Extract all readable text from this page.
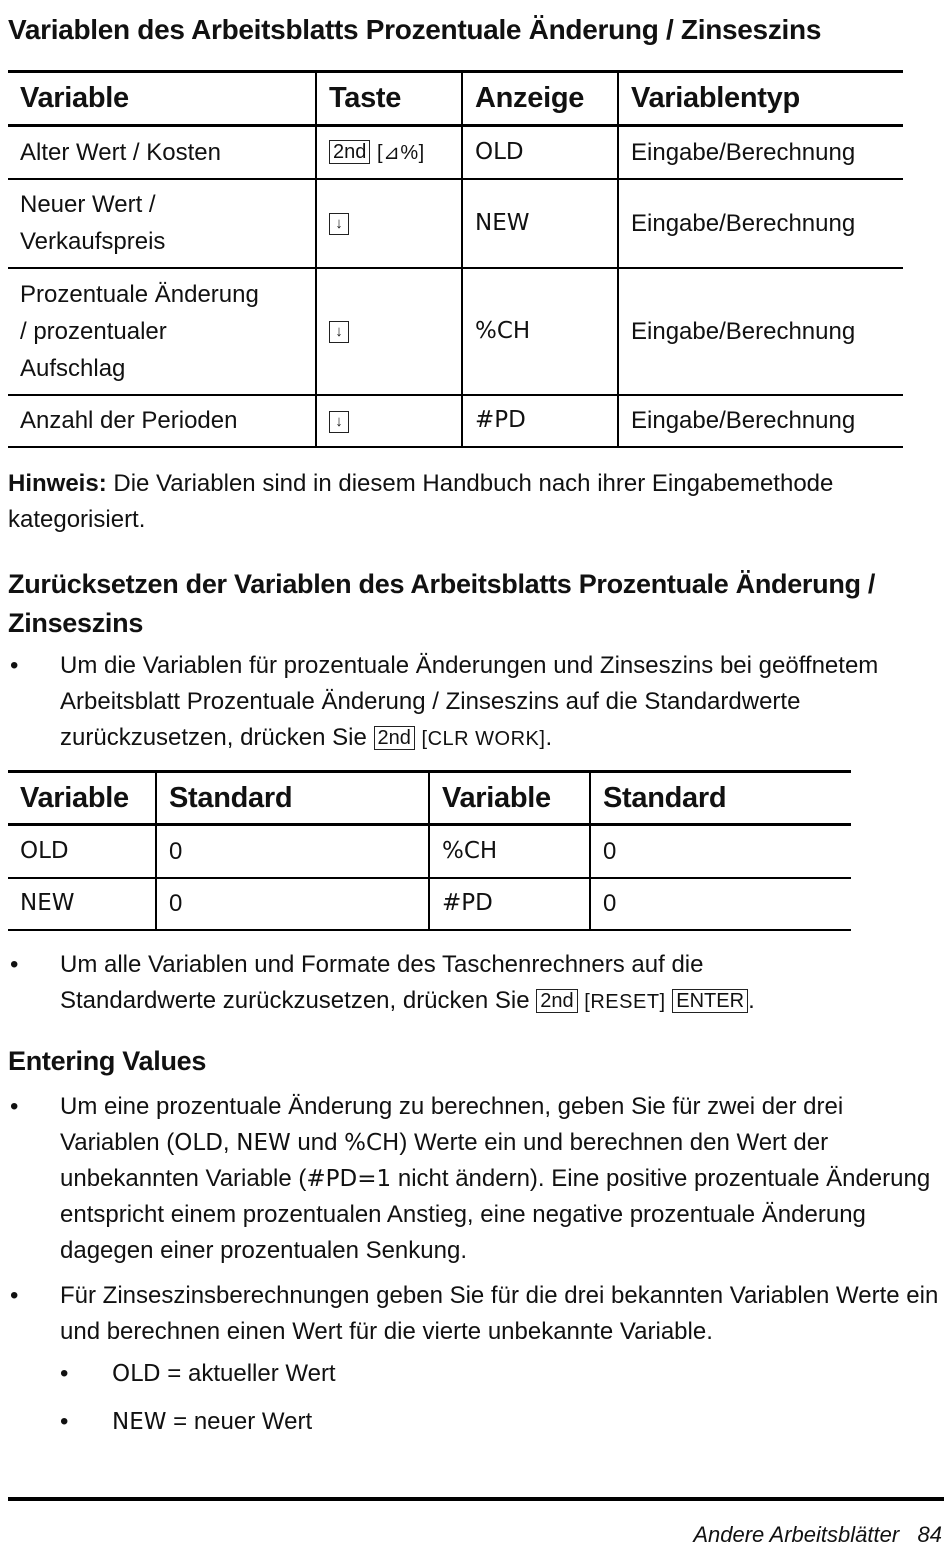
Variablen des Arbeitsblatts Prozentuale Änderung / Zinseszins
Variable	Taste	Anzeige	Variablentyp
Alter Wert / Kosten	2nd [⊿%]	OLD	Eingabe/Berechnung

Neuer Wert /
Verkaufspreis	↓	NEW	Eingabe/Berechnung

Prozentuale Änderung
/ prozentualer
Aufschlag	↓	%CH	Eingabe/Berechnung
Anzahl der Perioden	↓	#PD	Eingabe/Berechnung
Hinweis: Die Variablen sind in diesem Handbuch nach ihrer Eingabemethode kategorisiert.
Zurücksetzen der Variablen des Arbeitsblatts Prozentuale Änderung / Zinseszins
• Um die Variablen für prozentuale Änderungen und Zinseszins bei geöffnetem Arbeitsblatt Prozentuale Änderung / Zinseszins auf die Standardwerte zurückzusetzen, drücken Sie 2nd [CLR WORK].
Variable	Standard	Variable	Standard
OLD	0	%CH	0
NEW	0	#PD	0
• Um alle Variablen und Formate des Taschenrechners auf die Standardwerte zurückzusetzen, drücken Sie 2nd [RESET] ENTER .
Entering Values
• Um eine prozentuale Änderung zu berechnen, geben Sie für zwei der drei Variablen (OLD, NEW und %CH) Werte ein und berechnen den Wert der unbekannten Variable (#PD=1 nicht ändern). Eine positive prozentuale Änderung entspricht einem prozentualen Anstieg, eine negative prozentuale Änderung dagegen einer prozentualen Senkung.
• Für Zinseszinsberechnungen geben Sie für die drei bekannten Variablen Werte ein und berechnen einen Wert für die vierte unbekannte Variable.
• OLD = aktueller Wert
• NEW = neuer Wert
Andere Arbeitsblätter 84
